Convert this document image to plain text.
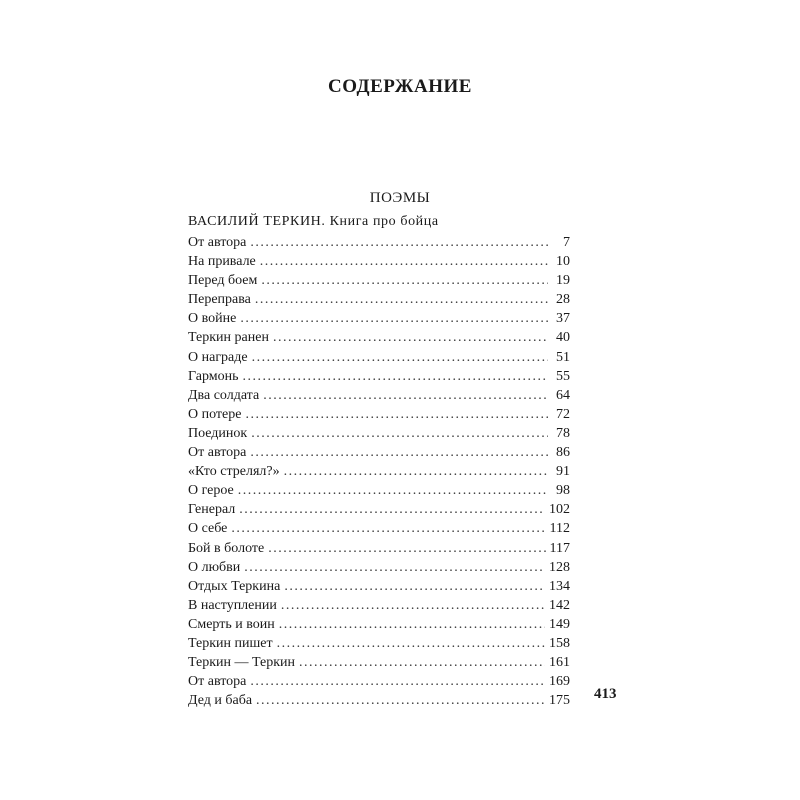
СОДЕРЖАНИЕ
ПОЭМЫ
ВАСИЛИЙ ТЕРКИН. Книга про бойца
От автора . . .	7
На привале . . .	10
Перед боем . . .	19
Переправа . . .	28
О войне . . .	37
Теркин ранен . . .	40
О награде . . .	51
Гармонь . . .	55
Два солдата . . .	64
О потере . . .	72
Поединок . . .	78
От автора . . .	86
«Кто стрелял?» . . .	91
О герое . . .	98
Генерал . . .	102
О себе . . .	112
Бой в болоте . . .	117
О любви . . .	128
Отдых Теркина . . .	134
В наступлении . . .	142
Смерть и воин . . .	149
Теркин пишет . . .	158
Теркин — Теркин . . .	161
От автора . . .	169
Дед и баба . . .	175 413
